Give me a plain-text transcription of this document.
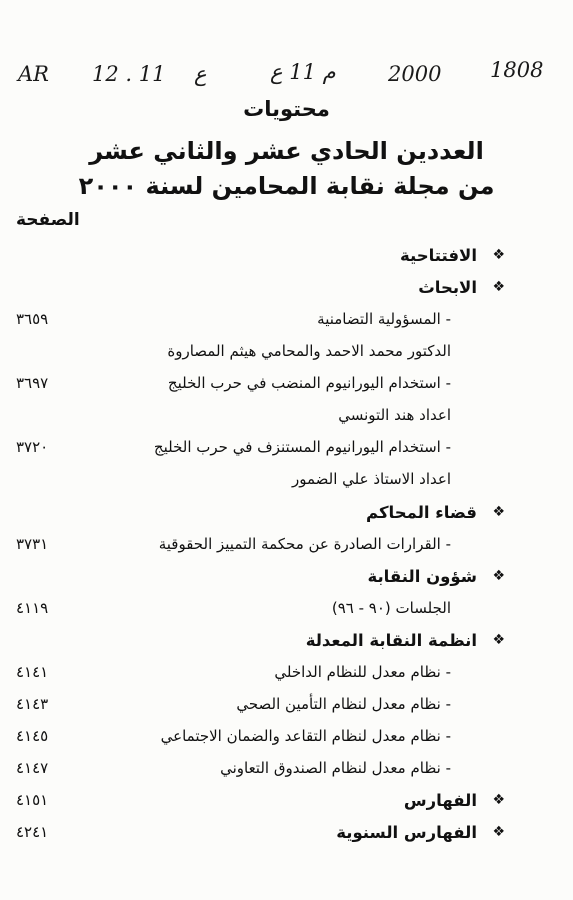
AR 12 . 11 ع	م 11 ع 2000 1808
محتويات
العددين الحادي عشر والثاني عشر
من مجلة نقابة المحامين لسنة ٢٠٠٠
الصفحة
❖
الافتتاحية
❖
الابحاث
- المسؤولية التضامنية
٣٦٥٩
الدكتور محمد الاحمد والمحامي هيثم المصاروة
- استخدام اليورانيوم المنضب في حرب الخليج
٣٦٩٧
اعداد هند التونسي
- استخدام اليورانيوم المستنزف في حرب الخليج
٣٧٢٠
اعداد الاستاذ علي الضمور
❖
قضاء المحاكم
- القرارات الصادرة عن محكمة التمييز الحقوقية
٣٧٣١
❖
شؤون النقابة
الجلسات (٩٠ - ٩٦)
٤١١٩
❖
انظمة النقابة المعدلة
- نظام معدل للنظام الداخلي
٤١٤١
- نظام معدل لنظام التأمين الصحي
٤١٤٣
- نظام معدل لنظام التقاعد والضمان الاجتماعي
٤١٤٥
- نظام معدل لنظام الصندوق التعاوني
٤١٤٧
❖
الفهارس
٤١٥١
❖
الفهارس السنوية
٤٢٤١
